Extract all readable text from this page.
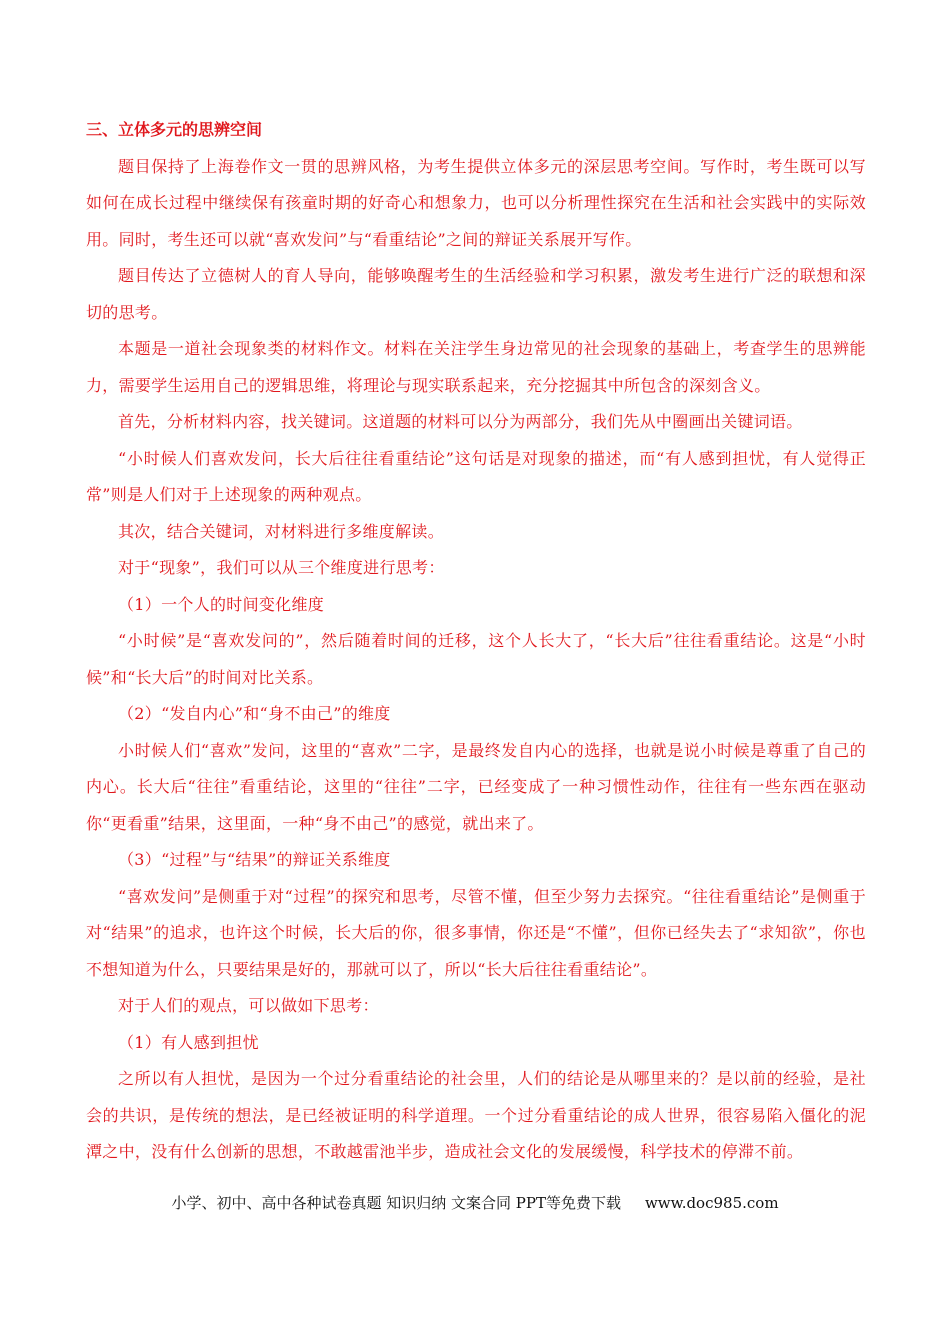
三、立体多元的思辨空间

题目保持了上海卷作文一贯的思辨风格，为考生提供立体多元的深层思考空间。写作时，考生既可以写如何在成长过程中继续保有孩童时期的好奇心和想象力，也可以分析理性探究在生活和社会实践中的实际效用。同时，考生还可以就“喜欢发问”与“看重结论”之间的辩证关系展开写作。

题目传达了立德树人的育人导向，能够唤醒考生的生活经验和学习积累，激发考生进行广泛的联想和深切的思考。

本题是一道社会现象类的材料作文。材料在关注学生身边常见的社会现象的基础上，考查学生的思辨能力，需要学生运用自己的逻辑思维，将理论与现实联系起来，充分挖掘其中所包含的深刻含义。

首先，分析材料内容，找关键词。这道题的材料可以分为两部分，我们先从中圈画出关键词语。

“小时候人们喜欢发问，长大后往往看重结论”这句话是对现象的描述，而“有人感到担忧，有人觉得正常”则是人们对于上述现象的两种观点。

其次，结合关键词，对材料进行多维度解读。

对于“现象”，我们可以从三个维度进行思考：

（1）一个人的时间变化维度

“小时候”是“喜欢发问的”，然后随着时间的迁移，这个人长大了，“长大后”往往看重结论。这是“小时候”和“长大后”的时间对比关系。

（2）“发自内心”和“身不由己”的维度

小时候人们“喜欢”发问，这里的“喜欢”二字，是最终发自内心的选择，也就是说小时候是尊重了自己的内心。长大后“往往”看重结论，这里的“往往”二字，已经变成了一种习惯性动作，往往有一些东西在驱动你“更看重”结果，这里面，一种“身不由己”的感觉，就出来了。

（3）“过程”与“结果”的辩证关系维度

“喜欢发问”是侧重于对“过程”的探究和思考，尽管不懂，但至少努力去探究。“往往看重结论”是侧重于对“结果”的追求，也许这个时候，长大后的你，很多事情，你还是“不懂”，但你已经失去了“求知欲”，你也不想知道为什么，只要结果是好的，那就可以了，所以“长大后往往看重结论”。

对于人们的观点，可以做如下思考：

（1）有人感到担忧

之所以有人担忧，是因为一个过分看重结论的社会里，人们的结论是从哪里来的？是以前的经验，是社会的共识，是传统的想法，是已经被证明的科学道理。一个过分看重结论的成人世界，很容易陷入僵化的泥潭之中，没有什么创新的思想，不敢越雷池半步，造成社会文化的发展缓慢，科学技术的停滞不前。

小学、初中、高中各种试卷真题 知识归纳 文案合同 PPT等免费下载 www.doc985.com
